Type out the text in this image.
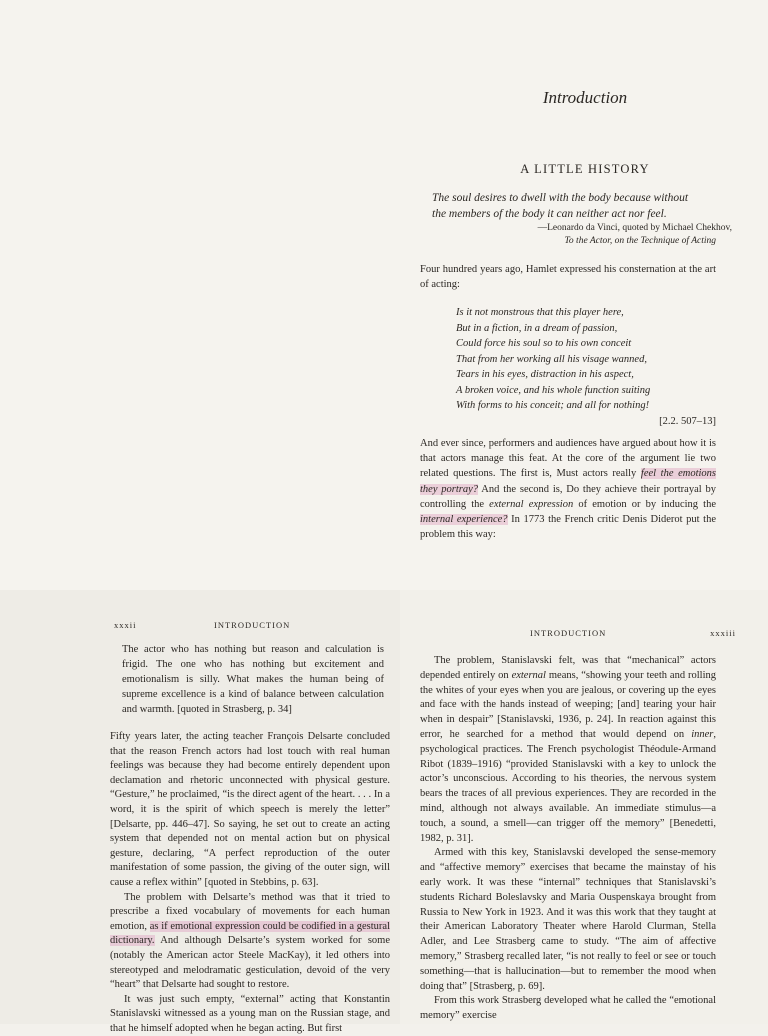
Introduction
A LITTLE HISTORY
The soul desires to dwell with the body because without
the members of the body it can neither act nor feel.
—Leonardo da Vinci, quoted by Michael Chekhov,
To the Actor, on the Technique of Acting
Four hundred years ago, Hamlet expressed his consternation at the art of acting:
Is it not monstrous that this player here,
But in a fiction, in a dream of passion,
Could force his soul so to his own conceit
That from her working all his visage wanned,
Tears in his eyes, distraction in his aspect,
A broken voice, and his whole function suiting
With forms to his conceit; and all for nothing!
[2.2. 507–13]
And ever since, performers and audiences have argued about how it is that actors manage this feat. At the core of the argument lie two related questions. The first is, Must actors really feel the emotions they portray? And the second is, Do they achieve their portrayal by controlling the external expression of emotion or by inducing the internal experience? In 1773 the French critic Denis Diderot put the problem this way:
xxxii	INTRODUCTION
INTRODUCTION	xxxiii
The actor who has nothing but reason and calculation is frigid. The one who has nothing but excitement and emotionalism is silly. What makes the human being of supreme excellence is a kind of balance between calculation and warmth. [quoted in Strasberg, p. 34]

Fifty years later, the acting teacher François Delsarte concluded that the reason French actors had lost touch with real human feelings was because they had become entirely dependent upon declamation and rhetoric unconnected with physical gesture. “Gesture,” he proclaimed, “is the direct agent of the heart. . . . In a word, it is the spirit of which speech is merely the letter” [Delsarte, pp. 446–47]. So saying, he set out to create an acting system that depended not on mental action but on physical gesture, declaring, “A perfect reproduction of the outer manifestation of some passion, the giving of the outer sign, will cause a reflex within” [quoted in Stebbins, p. 63].

The problem with Delsarte’s method was that it tried to prescribe a fixed vocabulary of movements for each human emotion, as if emotional expression could be codified in a gestural dictionary. And although Delsarte’s system worked for some (notably the American actor Steele MacKay), it led others into stereotyped and melodramatic gesticulation, devoid of the very “heart” that Delsarte had sought to restore.

It was just such empty, “external” acting that Konstantin Stanislavski witnessed as a young man on the Russian stage, and that he himself adopted when he began acting. But first

The problem, Stanislavski felt, was that “mechanical” actors depended entirely on external means, “showing your teeth and rolling the whites of your eyes when you are jealous, or covering up the eyes and face with the hands instead of weeping; [and] tearing your hair when in despair” [Stanislavski, 1936, p. 24]. In reaction against this error, he searched for a method that would depend on inner, psychological practices. The French psychologist Théodule-Armand Ribot (1839–1916) “provided Stanislavski with a key to unlock the actor’s unconscious. According to his theories, the nervous system bears the traces of all previous experiences. They are recorded in the mind, although not always available. An immediate stimulus—a touch, a sound, a smell—can trigger off the memory” [Benedetti, 1982, p. 31].

Armed with this key, Stanislavski developed the sense-memory and “affective memory” exercises that became the mainstay of his early work. It was these “internal” techniques that Stanislavski’s students Richard Boleslavsky and Maria Ouspenskaya brought from Russia to New York in 1923. And it was this work that they taught at their American Laboratory Theater where Harold Clurman, Stella Adler, and Lee Strasberg came to study. “The aim of affective memory,” Strasberg recalled later, “is not really to feel or see or touch something—that is hallucination—but to remember the mood when doing that” [Strasberg, p. 69].

From this work Strasberg developed what he called the “emotional memory” exercise
